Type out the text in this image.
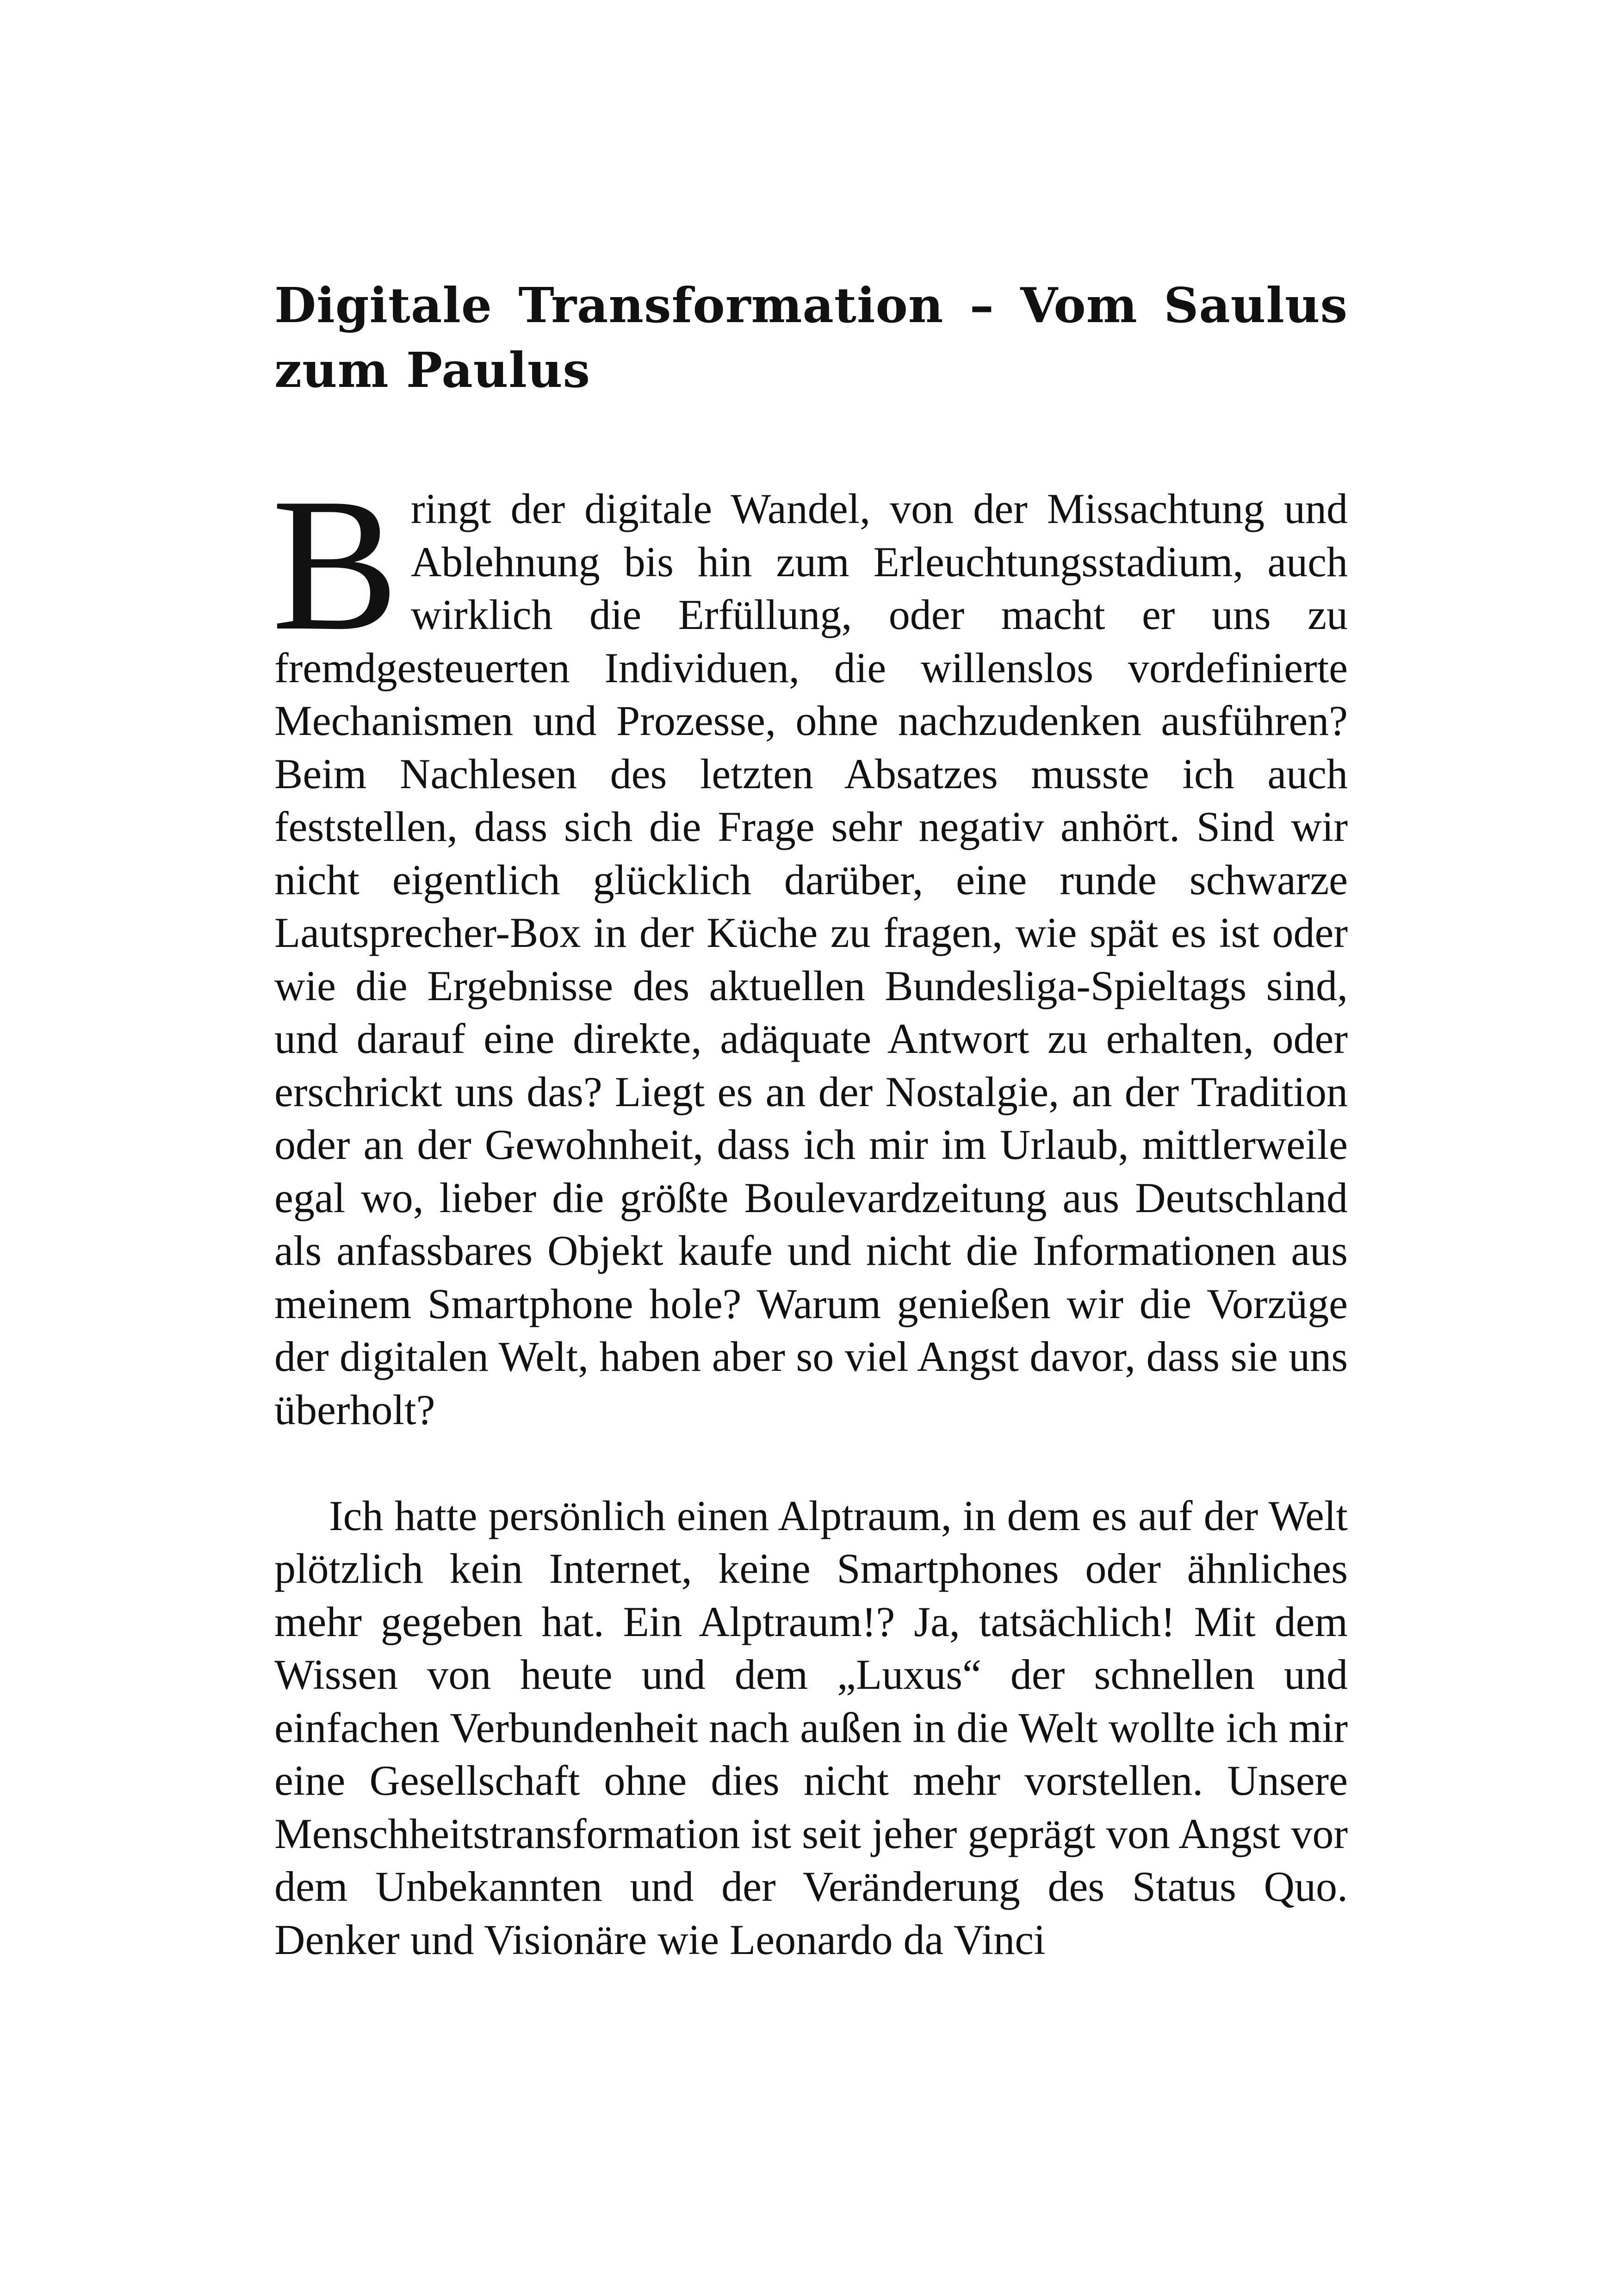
Digitale Transformation – Vom Saulus zum Paulus

Bringt der digitale Wandel, von der Missachtung und Ablehnung bis hin zum Erleuchtungsstadium, auch wirklich die Erfüllung, oder macht er uns zu fremdgesteuerten Individuen, die willenslos vordefinierte Mechanismen und Prozesse, ohne nachzudenken ausführen? Beim Nachlesen des letzten Absatzes musste ich auch feststellen, dass sich die Frage sehr negativ anhört. Sind wir nicht eigentlich glücklich darüber, eine runde schwarze Lautsprecher-Box in der Küche zu fragen, wie spät es ist oder wie die Ergebnisse des aktuellen Bundesliga-Spieltags sind, und darauf eine direkte, adäquate Antwort zu erhalten, oder erschrickt uns das? Liegt es an der Nostalgie, an der Tradition oder an der Gewohnheit, dass ich mir im Urlaub, mittlerweile egal wo, lieber die größte Boulevardzeitung aus Deutschland als anfassbares Objekt kaufe und nicht die Informationen aus meinem Smartphone hole? Warum genießen wir die Vorzüge der digitalen Welt, haben aber so viel Angst davor, dass sie uns überholt?

Ich hatte persönlich einen Alptraum, in dem es auf der Welt plötzlich kein Internet, keine Smartphones oder ähnliches mehr gegeben hat. Ein Alptraum!? Ja, tatsächlich! Mit dem Wissen von heute und dem „Luxus“ der schnellen und einfachen Verbundenheit nach außen in die Welt wollte ich mir eine Gesellschaft ohne dies nicht mehr vorstellen. Unsere Menschheitstransformation ist seit jeher geprägt von Angst vor dem Unbekannten und der Veränderung des Status Quo. Denker und Visionäre wie Leonardo da Vinci
